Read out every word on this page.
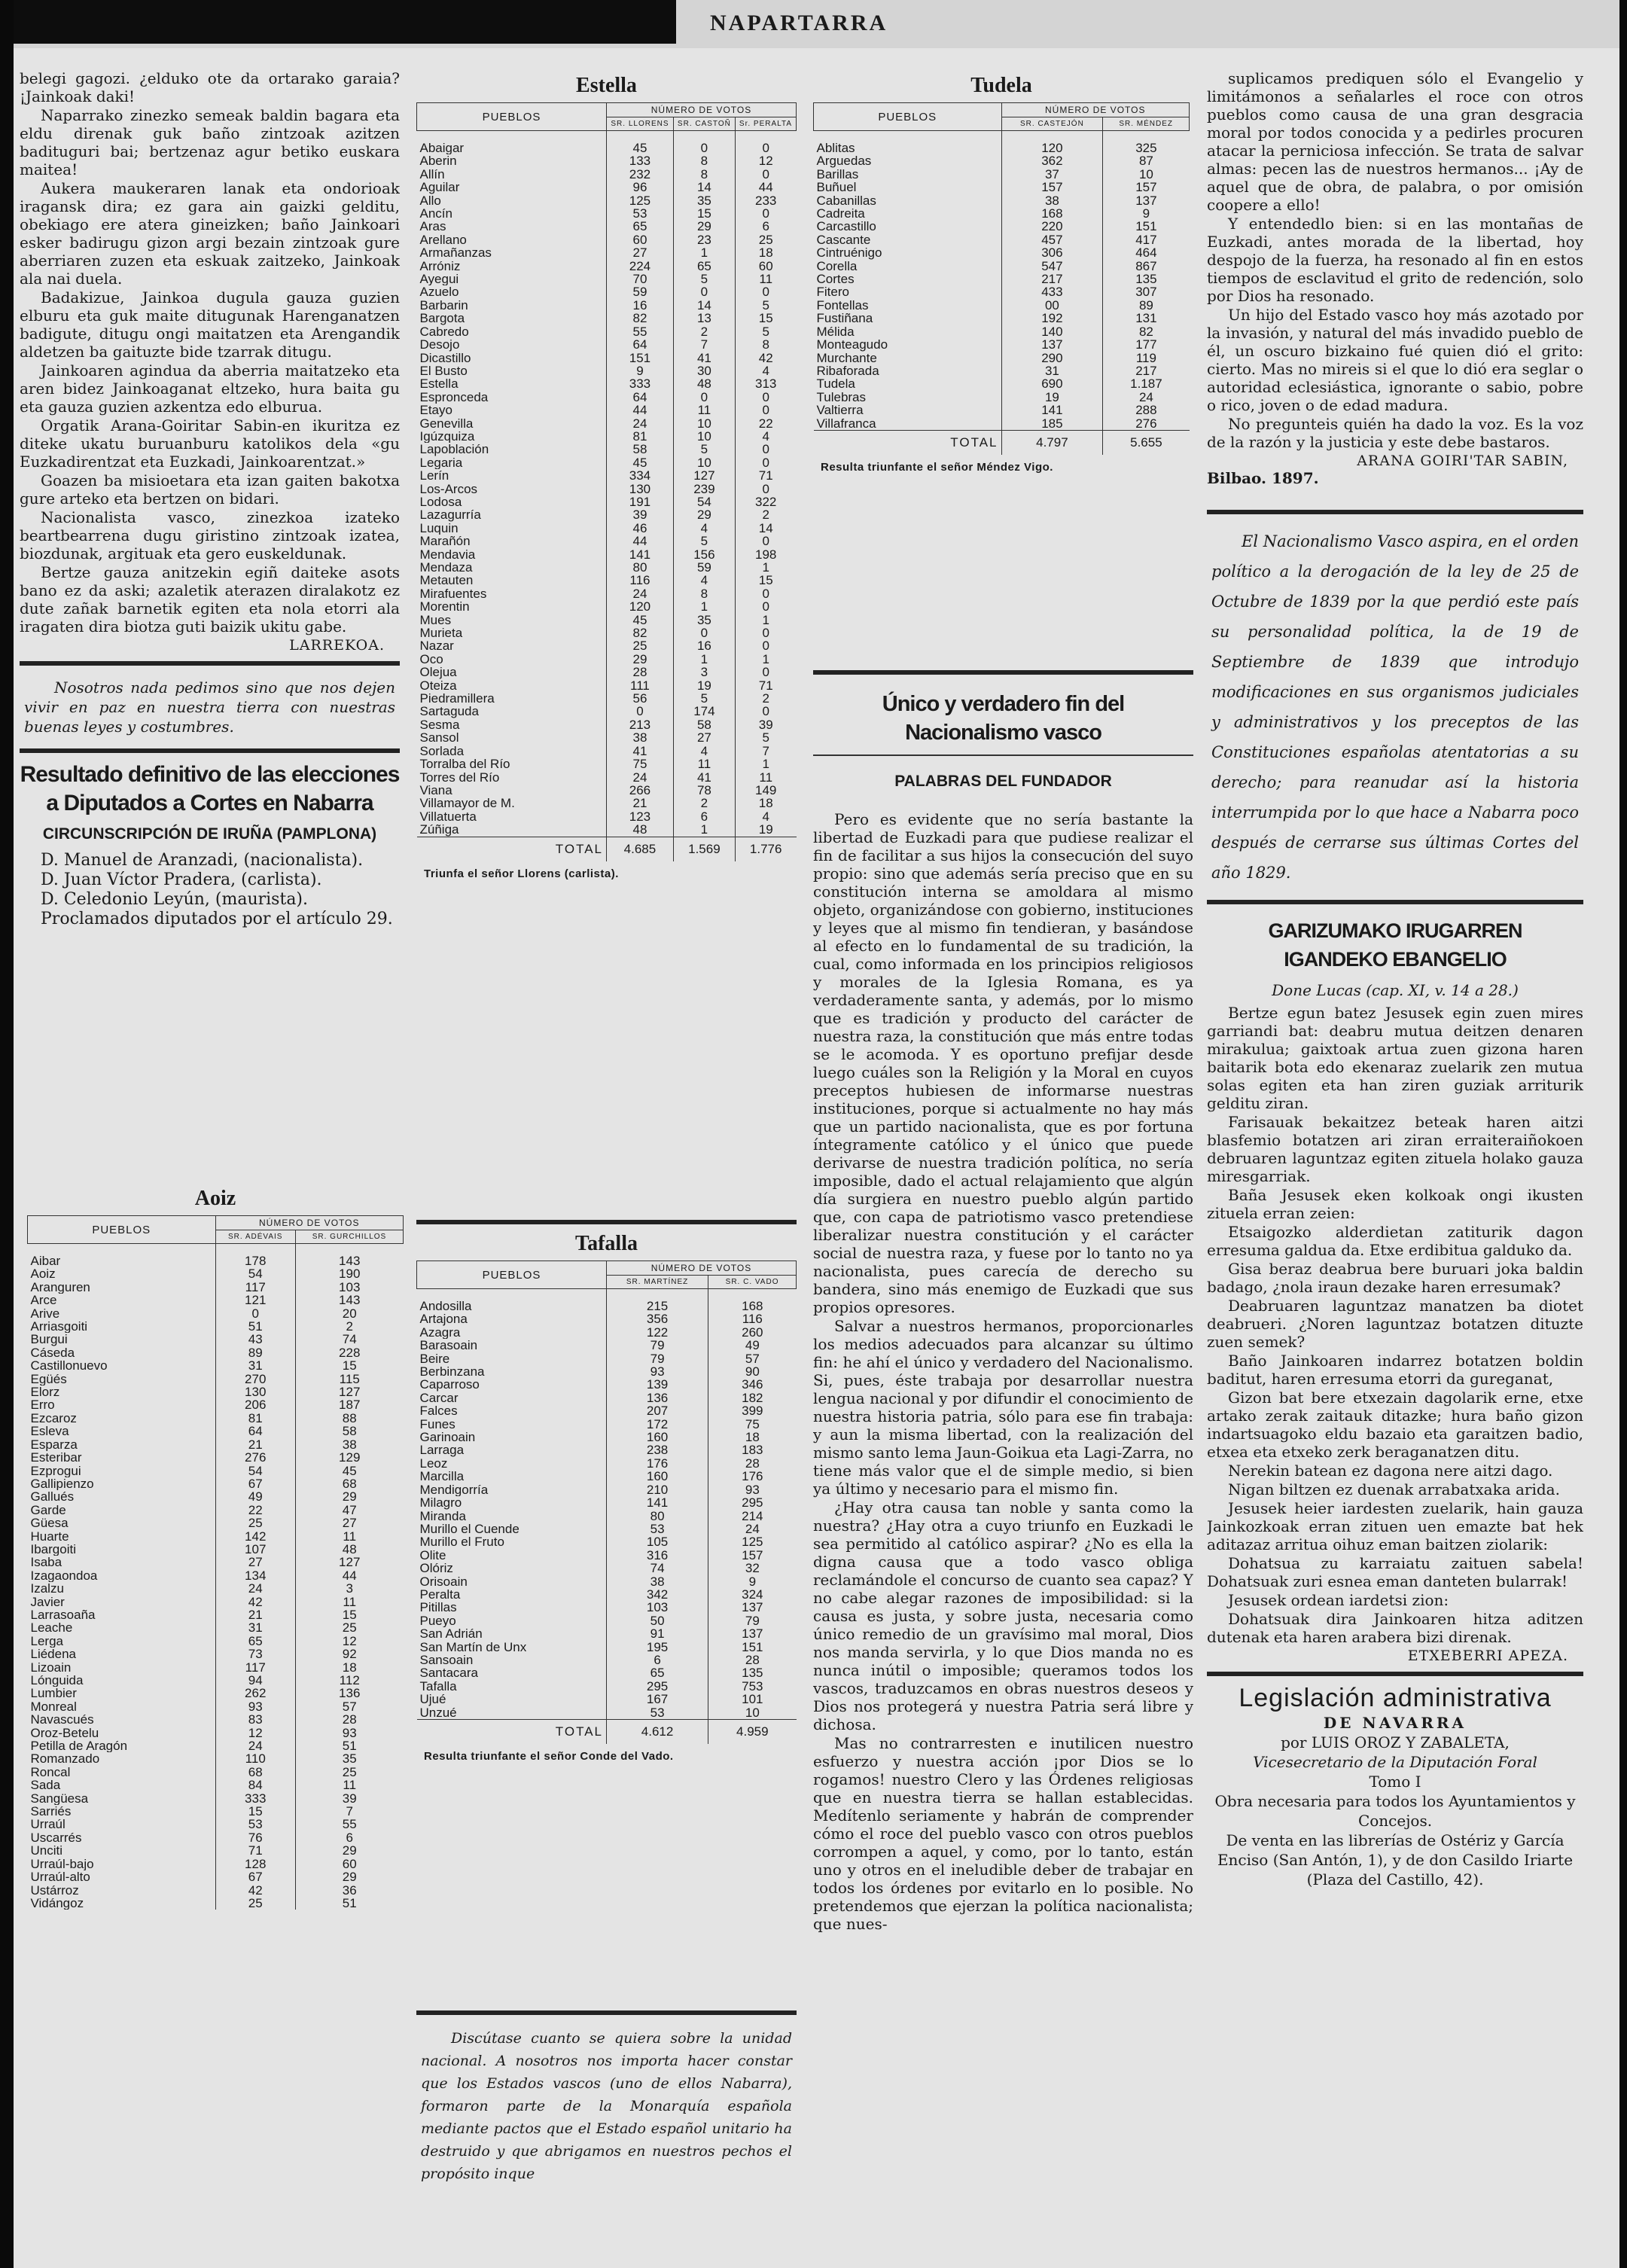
NAPARTARRA
belegi gagozi. ¿elduko ote da ortarako garaia? ¡Jainkoak daki!
Naparrako zinezko semeak baldin bagara eta eldu direnak guk baño zintzoak azitzen badituguri bai; bertzenaz agur betiko euskara maitea!
Aukera maukeraren lanak eta ondorioak iragansk dira; ez gara ain gaizki gelditu, obekiago ere atera gineizken; baño Jainkoari esker badirugu gizon argi bezain zintzoak gure aberriaren zuzen eta eskuak zaitzeko, Jainkoak ala nai duela.
Badakizue, Jainkoa dugula gauza guzien elburu eta guk maite ditugunak Harenganatzen badigute, ditugu ongi maitatzen eta Arengandik aldetzen ba gaituzte bide tzarrak ditugu.
Jainkoaren agindua da aberria maitatzeko eta aren bidez Jainkoaganat eltzeko, hura baita gu eta gauza guzien azkentza edo elburua.
Orgatik Arana-Goiritar Sabin-en ikuritza ez diteke ukatu buruanburu katolikos dela «gu Euzkadirentzat eta Euzkadi, Jainkoarentzat.»
Goazen ba misioetara eta izan gaiten bakotxa gure arteko eta bertzen on bidari.
Nacionalista vasco, zinezkoa izateko beartbearrena dugu giristino zintzoak izatea, biozdunak, argituak eta gero euskeldunak.
Bertze gauza anitzekin egiñ daiteke asots bano ez da aski; azaletik aterazen diralakotz ez dute zañak barnetik egiten eta nola etorri ala iragaten dira biotza guti baizik ukitu gabe.
LARREKOA.
Nosotros nada pedimos sino que nos dejen vivir en paz en nuestra tierra con nuestras buenas leyes y costumbres.
Resultado definitivo de las elecciones a Diputados a Cortes en Nabarra
CIRCUNSCRIPCIÓN DE IRUÑA (PAMPLONA)
D. Manuel de Aranzadi, (nacionalista).
D. Juan Víctor Pradera, (carlista).
D. Celedonio Leyún, (maurista).
Proclamados diputados por el artículo 29.
Aoiz
PUEBLOS	NÚMERO DE VOTOS	
	SR. ADÉVAIS	SR. GURCHILLOS
Aibar	178	143
Aoiz	54	190
Aranguren	117	103
Arce	121	143
Arive	0	20
Arriasgoiti	51	2
Burgui	43	74
Cáseda	89	228
Castillonuevo	31	15
Egüés	270	115
Elorz	130	127
Erro	206	187
Ezcaroz	81	88
Esleva	64	58
Esparza	21	38
Esteribar	276	129
Ezprogui	54	45
Gallipienzo	67	68
Gallués	49	29
Garde	22	47
Güesa	25	27
Huarte	142	11
Ibargoiti	107	48
Isaba	27	127
Izagaondoa	134	44
Izalzu	24	3
Javier	42	11
Larrasoaña	21	15
Leache	31	25
Lerga	65	12
Liédena	73	92
Lizoain	117	18
Lónguida	94	112
Lumbier	262	136
Monreal	93	57
Navascués	83	28
Oroz-Betelu	12	93
Petilla de Aragón	24	51
Romanzado	110	35
Roncal	68	25
Sada	84	11
Sangüesa	333	39
Sarriés	15	7
Urraúl	53	55
Uscarrés	76	6
Unciti	71	29
Urraúl-bajo	128	60
Urraúl-alto	67	29
Ustárroz	42	36
Vidángoz	25	51
Estella
PUEBLOS	NÚMERO DE VOTOS		
	SR. LLORENS	SR. CASTOÑ	Sr. PERALTA
Abaigar	45	0	0
Aberin	133	8	12
Allín	232	8	0
Aguilar	96	14	44
Allo	125	35	233
Ancín	53	15	0
Aras	65	29	6
Arellano	60	23	25
Armañanzas	27	1	18
Arróniz	224	65	60
Ayegui	70	5	11
Azuelo	59	0	0
Barbarin	16	14	5
Bargota	82	13	15
Cabredo	55	2	5
Desojo	64	7	8
Dicastillo	151	41	42
El Busto	9	30	4
Estella	333	48	313
Espronceda	64	0	0
Etayo	44	11	0
Genevilla	24	10	22
Igúzquiza	81	10	4
Lapoblación	58	5	0
Legaria	45	10	0
Lerín	334	127	71
Los-Arcos	130	239	0
Lodosa	191	54	322
Lazagurría	39	29	2
Luquin	46	4	14
Marañón	44	5	0
Mendavia	141	156	198
Mendaza	80	59	1
Metauten	116	4	15
Mirafuentes	24	8	0
Morentin	120	1	0
Mues	45	35	1
Murieta	82	0	0
Nazar	25	16	0
Oco	29	1	1
Olejua	28	3	0
Oteiza	111	19	71
Piedramillera	56	5	2
Sartaguda	0	174	0
Sesma	213	58	39
Sansol	38	27	5
Sorlada	41	4	7
Torralba del Río	75	11	1
Torres del Río	24	41	11
Viana	266	78	149
Villamayor de M.	21	2	18
Villatuerta	123	6	4
Zúñiga	48	1	19
TOTAL	4.685	1.569	1.776
Triunfa el señor Llorens (carlista).
Tafalla
PUEBLOS	NÚMERO DE VOTOS	
	SR. MARTÍNEZ	SR. C. VADO
Andosilla	215	168
Artajona	356	116
Azagra	122	260
Barasoain	79	49
Beire	79	57
Berbinzana	93	90
Caparroso	139	346
Carcar	136	182
Falces	207	399
Funes	172	75
Garinoain	160	18
Larraga	238	183
Leoz	176	28
Marcilla	160	176
Mendigorría	210	93
Milagro	141	295
Miranda	80	214
Murillo el Cuende	53	24
Murillo el Fruto	105	125
Olite	316	157
Olóriz	74	32
Orisoain	38	9
Peralta	342	324
Pitillas	103	137
Pueyo	50	79
San Adrián	91	137
San Martín de Unx	195	151
Sansoain	6	28
Santacara	65	135
Tafalla	295	753
Ujué	167	101
Unzué	53	10
TOTAL	4.612	4.959
Resulta triunfante el señor Conde del Vado.
Discútase cuanto se quiera sobre la unidad nacional. A nosotros nos importa hacer constar que los Estados vascos (uno de ellos Nabarra), formaron parte de la Monarquía española mediante pactos que el Estado español unitario ha destruido y que abrigamos en nuestros pechos el propósito inque
Tudela
PUEBLOS	NÚMERO DE VOTOS	
	SR. CASTEJÓN	SR. MÉNDEZ
Ablitas	120	325
Arguedas	362	87
Barillas	37	10
Buñuel	157	157
Cabanillas	38	137
Cadreita	168	9
Carcastillo	220	151
Cascante	457	417
Cintruénigo	306	464
Corella	547	867
Cortes	217	135
Fitero	433	307
Fontellas	00	89
Fustiñana	192	131
Mélida	140	82
Monteagudo	137	177
Murchante	290	119
Ribaforada	31	217
Tudela	690	1.187
Tulebras	19	24
Valtierra	141	288
Villafranca	185	276
TOTAL	4.797	5.655
Resulta triunfante el señor Méndez Vigo.
Único y verdadero fin del Nacionalismo vasco
PALABRAS DEL FUNDADOR
Pero es evidente que no sería bastante la libertad de Euzkadi para que pudiese realizar el fin de facilitar a sus hijos la consecución del suyo propio: sino que además sería preciso que en su constitución interna se amoldara al mismo objeto, organizándose con gobierno, instituciones y leyes que al mismo fin tendieran, y basándose al efecto en lo fundamental de su tradición, la cual, como informada en los principios religiosos y morales de la Iglesia Romana, es ya verdaderamente santa, y además, por lo mismo que es tradición y producto del carácter de nuestra raza, la constitución que más entre todas se le acomoda. Y es oportuno prefijar desde luego cuáles son la Religión y la Moral en cuyos preceptos hubiesen de informarse nuestras instituciones, porque si actualmente no hay más que un partido nacionalista, que es por fortuna íntegramente católico y el único que puede derivarse de nuestra tradición política, no sería imposible, dado el actual relajamiento que algún día surgiera en nuestro pueblo algún partido que, con capa de patriotismo vasco pretendiese liberalizar nuestra constitución y el carácter social de nuestra raza, y fuese por lo tanto no ya nacionalista, pues carecía de derecho su bandera, sino más enemigo de Euzkadi que sus propios opresores.
Salvar a nuestros hermanos, proporcionarles los medios adecuados para alcanzar su último fin: he ahí el único y verdadero del Nacionalismo. Si, pues, éste trabaja por desarrollar nuestra lengua nacional y por difundir el conocimiento de nuestra historia patria, sólo para ese fin trabaja: y aun la misma libertad, con la realización del mismo santo lema Jaun-Goikua eta Lagi-Zarra, no tiene más valor que el de simple medio, si bien ya último y necesario para el mismo fin.
¿Hay otra causa tan noble y santa como la nuestra? ¿Hay otra a cuyo triunfo en Euzkadi le sea permitido al católico aspirar? ¿No es ella la digna causa que a todo vasco obliga reclamándole el concurso de cuanto sea capaz? Y no cabe alegar razones de imposibilidad: si la causa es justa, y sobre justa, necesaria como único remedio de un gravísimo mal moral, Dios nos manda servirla, y lo que Dios manda no es nunca inútil o imposible; queramos todos los vascos, traduzcamos en obras nuestros deseos y Dios nos protegerá y nuestra Patria será libre y dichosa.
Mas no contrarresten e inutilicen nuestro esfuerzo y nuestra acción ¡por Dios se lo rogamos! nuestro Clero y las Órdenes religiosas que en nuestra tierra se hallan establecidas. Medítenlo seriamente y habrán de comprender cómo el roce del pueblo vasco con otros pueblos corrompen a aquel, y como, por lo tanto, están uno y otros en el ineludible deber de trabajar en todos los órdenes por evitarlo en lo posible. No pretendemos que ejerzan la política nacionalista; que nues-
suplicamos prediquen sólo el Evangelio y limitámonos a señalarles el roce con otros pueblos como causa de una gran desgracia moral por todos conocida y a pedirles procuren atacar la perniciosa infección. Se trata de salvar almas: pecen las de nuestros hermanos... ¡Ay de aquel que de obra, de palabra, o por omisión coopere a ello!
Y entendedlo bien: si en las montañas de Euzkadi, antes morada de la libertad, hoy despojo de la fuerza, ha resonado al fin en estos tiempos de esclavitud el grito de redención, solo por Dios ha resonado.
Un hijo del Estado vasco hoy más azotado por la invasión, y natural del más invadido pueblo de él, un oscuro bizkaino fué quien dió el grito: cierto. Mas no mireis si el que lo dió era seglar o autoridad eclesiástica, ignorante o sabio, pobre o rico, joven o de edad madura.
No pregunteis quién ha dado la voz. Es la voz de la razón y la justicia y este debe bastaros.
ARANA GOIRI'TAR SABIN,
Bilbao. 1897.
El Nacionalismo Vasco aspira, en el orden político a la derogación de la ley de 25 de Octubre de 1839 por la que perdió este país su personalidad política, la de 19 de Septiembre de 1839 que introdujo modificaciones en sus organismos judiciales y administrativos y los preceptos de las Constituciones españolas atentatorias a su derecho; para reanudar así la historia interrumpida por lo que hace a Nabarra poco después de cerrarse sus últimas Cortes del año 1829.
GARIZUMAKO IRUGARREN IGANDEKO EBANGELIO
Done Lucas (cap. XI, v. 14 a 28.)
Bertze egun batez Jesusek egin zuen mires garriandi bat: deabru mutua deitzen denaren mirakulua; gaixtoak artua zuen gizona haren baitarik bota edo ekenaraz zuelarik zen mutua solas egiten eta han ziren guziak arriturik gelditu ziran.
Farisauak bekaitzez beteak haren aitzi blasfemio botatzen ari ziran erraiteraiñokoen debruaren laguntzaz egiten zituela holako gauza miresgarriak.
Baña Jesusek eken kolkoak ongi ikusten zituela erran zeien:
Etsaigozko alderdietan zatiturik dagon erresuma galdua da. Etxe erdibitua galduko da.
Gisa beraz deabrua bere buruari joka baldin badago, ¿nola iraun dezake haren erresumak?
Deabruaren laguntzaz manatzen ba diotet deabrueri. ¿Noren laguntzaz botatzen dituzte zuen semek?
Baño Jainkoaren indarrez botatzen boldin baditut, haren erresuma etorri da gureganat,
Gizon bat bere etxezain dagolarik erne, etxe artako zerak zaitauk ditazke; hura baño gizon indartsuagoko eldu bazaio eta garaitzen badio, etxea eta etxeko zerk beraganatzen ditu.
Nerekin batean ez dagona nere aitzi dago.
Nigan biltzen ez duenak arrabatxaka arida.
Jesusek heier iardesten zuelarik, hain gauza Jainkozkoak erran zituen uen emazte bat hek aditazaz arritua oihuz eman baitzen ziolarik:
Dohatsua zu karraiatu zaituen sabela! Dohatsuak zuri esnea eman danteten bularrak!
Jesusek ordean iardetsi zion:
Dohatsuak dira Jainkoaren hitza aditzen dutenak eta haren arabera bizi direnak.
ETXEBERRI APEZA.
Legislación administrativa
DE NAVARRA
por LUIS OROZ Y ZABALETA,
Vicesecretario de la Diputación Foral
Tomo I
Obra necesaria para todos los Ayuntamientos y Concejos.
De venta en las librerías de Ostériz y García Enciso (San Antón, 1), y de don Casildo Iriarte (Plaza del Castillo, 42).
